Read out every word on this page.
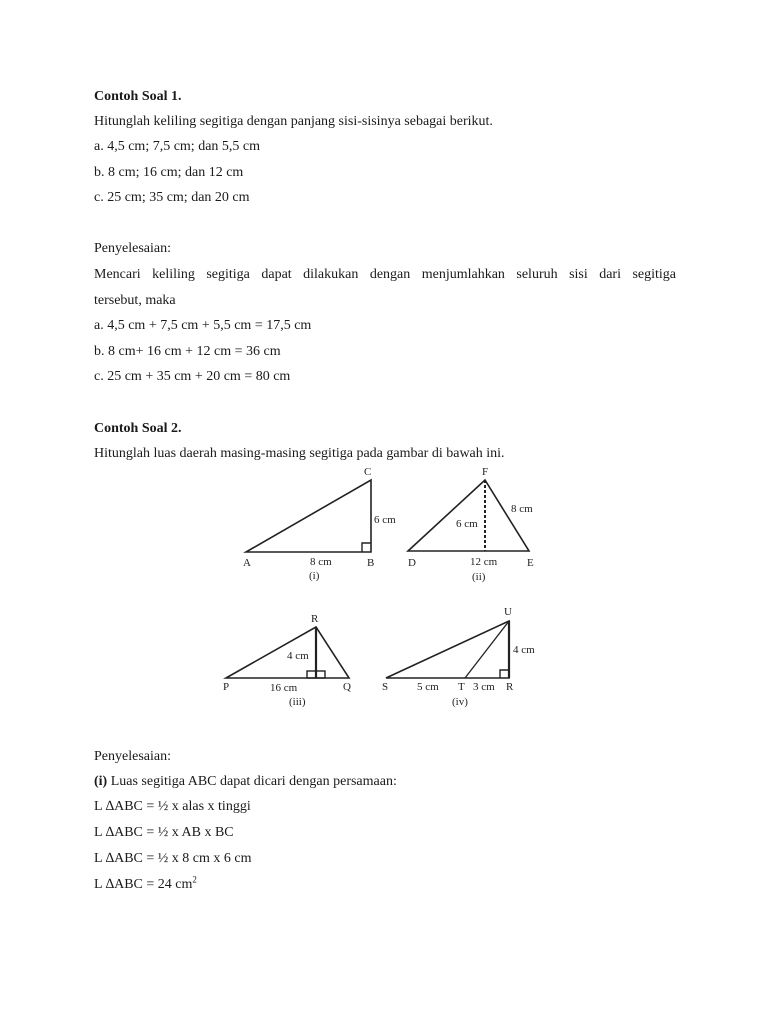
Contoh Soal 1.
Hitunglah keliling segitiga dengan panjang sisi-sisinya sebagai berikut.
a. 4,5 cm; 7,5 cm; dan 5,5 cm
b. 8 cm; 16 cm; dan 12 cm
c. 25 cm; 35 cm; dan 20 cm
Penyelesaian:
Mencari keliling segitiga dapat dilakukan dengan menjumlahkan seluruh sisi dari segitiga
tersebut, maka
a. 4,5 cm + 7,5 cm + 5,5 cm = 17,5 cm
b. 8 cm+ 16 cm + 12 cm = 36 cm
c. 25 cm + 35 cm + 20 cm = 80 cm
Contoh Soal 2.
Hitunglah luas daerah masing-masing segitiga pada gambar di bawah ini.
C
A	B
8 cm
6 cm
(i)
F
D	E
12 cm
6 cm
8 cm
(ii)
R
P	Q
16 cm
4 cm
(iii)
U
S	T	R
5 cm	3 cm
4 cm
(iv)
Penyelesaian:
(i) Luas segitiga ABC dapat dicari dengan persamaan:
L ∆ABC = ½ x alas x tinggi
L ∆ABC = ½ x AB x BC
L ∆ABC = ½ x 8 cm x 6 cm
L ∆ABC = 24 $cm^2$
